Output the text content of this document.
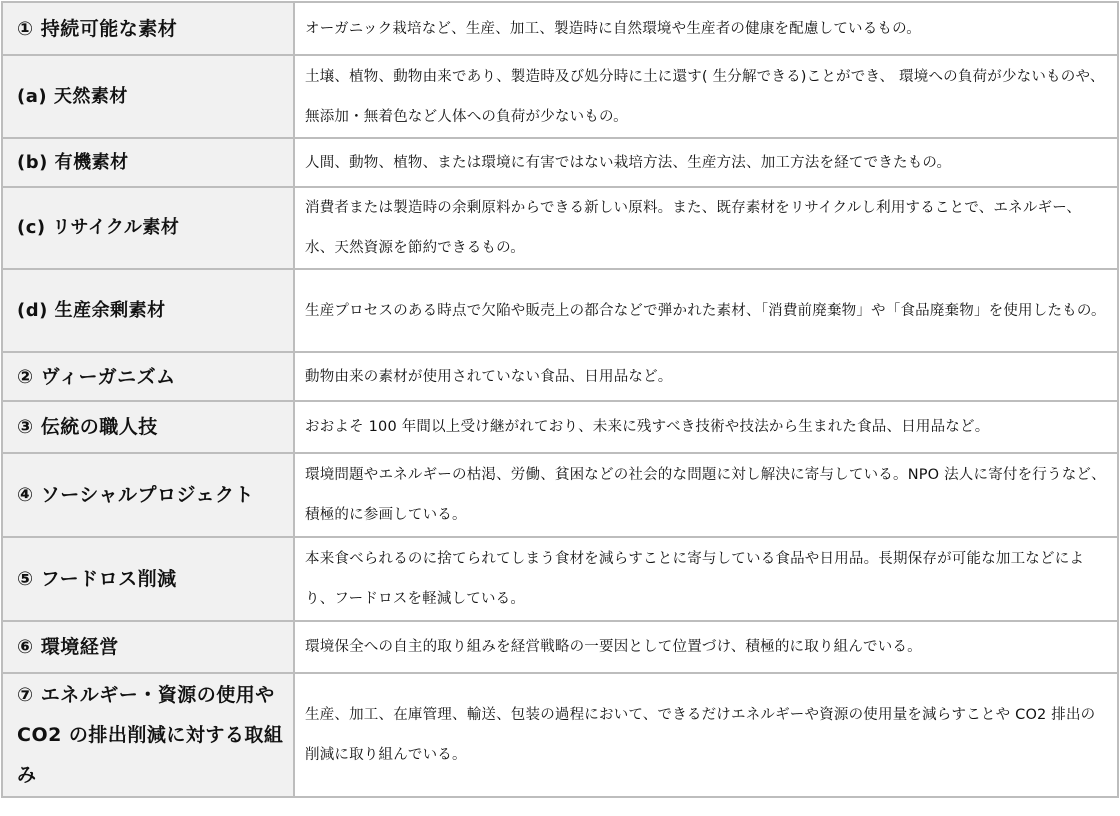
① 持続可能な素材	オーガニック栽培など、生産、加工、製造時に自然環境や生産者の健康を配慮しているもの。
(a) 天然素材	土壌、植物、動物由来であり、製造時及び処分時に土に還す( 生分解できる)ことができ、 環境への負荷が少ないものや、無添加・無着色など人体への負荷が少ないもの。
(b) 有機素材	人間、動物、植物、または環境に有害ではない栽培方法、生産方法、加工方法を経てできたもの。
(c) リサイクル素材	消費者または製造時の余剰原料からできる新しい原料。また、既存素材をリサイクルし利用することで、エネルギー、水、天然資源を節約できるもの。
(d) 生産余剰素材	生産プロセスのある時点で欠陥や販売上の都合などで弾かれた素材、「消費前廃棄物」や「食品廃棄物」を使用したもの。
② ヴィーガニズム	動物由来の素材が使用されていない食品、日用品など。
③ 伝統の職人技	おおよそ 100 年間以上受け継がれており、未来に残すべき技術や技法から生まれた食品、日用品など。
④ ソーシャルプロジェクト	環境問題やエネルギーの枯渇、労働、貧困などの社会的な問題に対し解決に寄与している。NPO 法人に寄付を行うなど、積極的に参画している。
⑤ フードロス削減	本来食べられるのに捨てられてしまう食材を減らすことに寄与している食品や日用品。長期保存が可能な加工などにより、フードロスを軽減している。
⑥ 環境経営	環境保全への自主的取り組みを経営戦略の一要因として位置づけ、積極的に取り組んでいる。
⑦ エネルギー・資源の使用や CO2 の排出削減に対する取組み	生産、加工、在庫管理、輸送、包装の過程において、できるだけエネルギーや資源の使用量を減らすことや CO2 排出の削減に取り組んでいる。
